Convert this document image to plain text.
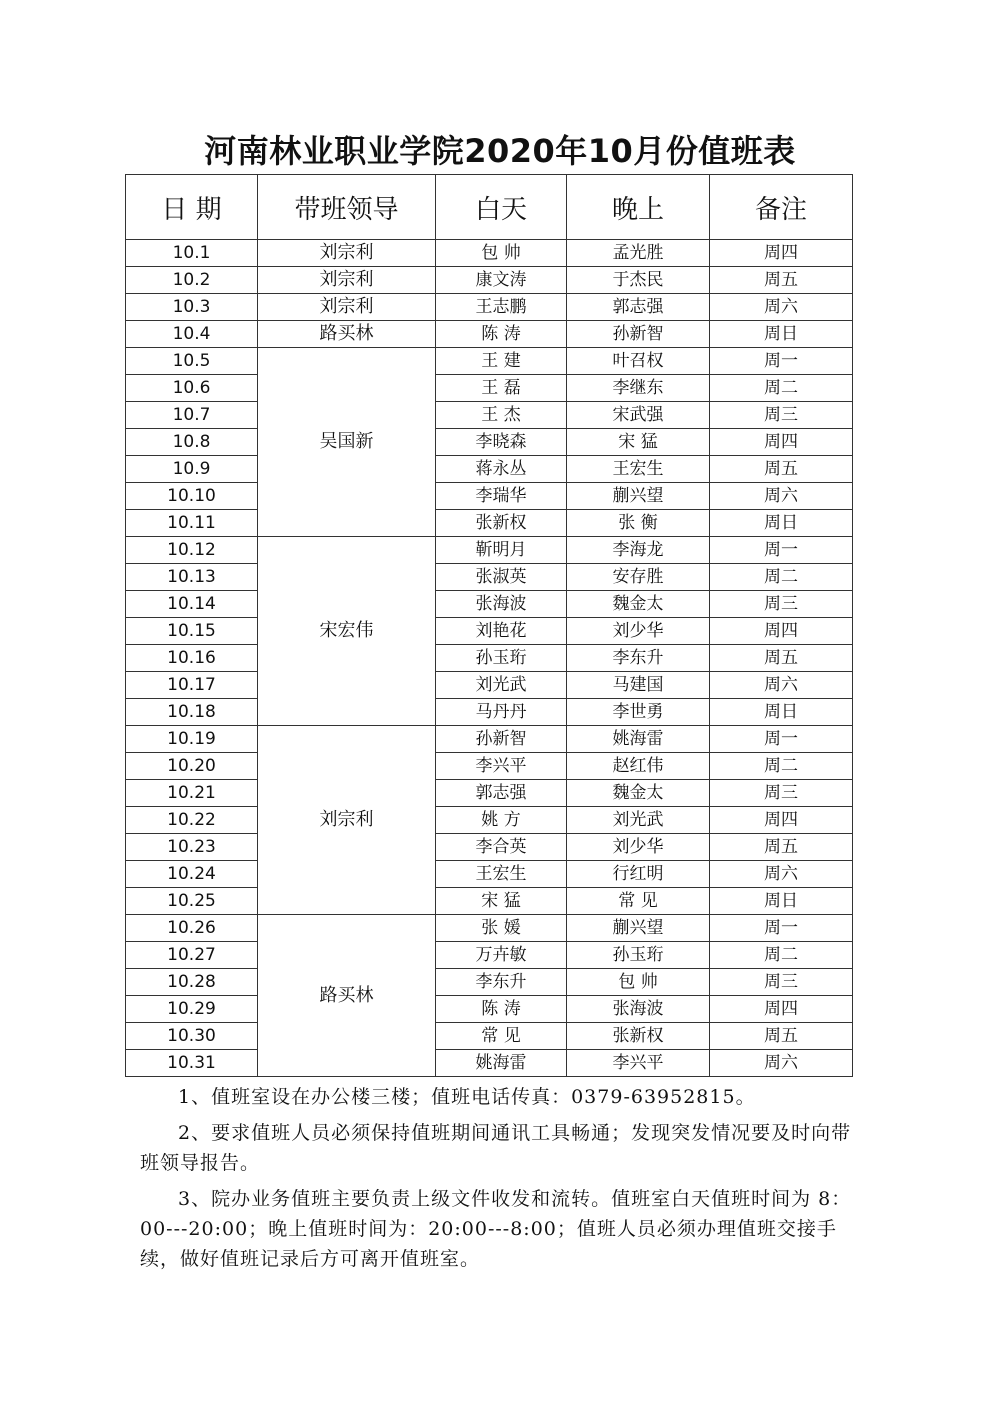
河南林业职业学院2020年10月份值班表
日 期	带班领导	白天	晚上	备注
10.1	刘宗利	包 帅	孟光胜	周四
10.2	刘宗利	康文涛	于杰民	周五
10.3	刘宗利	王志鹏	郭志强	周六
10.4	路买林	陈 涛	孙新智	周日
10.5	吴国新	王 建	叶召权	周一
10.6		王 磊	李继东	周二
10.7		王 杰	宋武强	周三
10.8		李晓森	宋 猛	周四
10.9		蒋永丛	王宏生	周五
10.10		李瑞华	蒯兴望	周六
10.11		张新权	张 衡	周日
10.12	宋宏伟	靳明月	李海龙	周一
10.13		张淑英	安存胜	周二
10.14		张海波	魏金太	周三
10.15		刘艳花	刘少华	周四
10.16		孙玉珩	李东升	周五
10.17		刘光武	马建国	周六
10.18		马丹丹	李世勇	周日
10.19	刘宗利	孙新智	姚海雷	周一
10.20		李兴平	赵红伟	周二
10.21		郭志强	魏金太	周三
10.22		姚 方	刘光武	周四
10.23		李合英	刘少华	周五
10.24		王宏生	行红明	周六
10.25		宋 猛	常 见	周日
10.26	路买林	张 媛	蒯兴望	周一
10.27		万卉敏	孙玉珩	周二
10.28		李东升	包 帅	周三
10.29		陈 涛	张海波	周四
10.30		常 见	张新权	周五
10.31		姚海雷	李兴平	周六

1、值班室设在办公楼三楼；值班电话传真：0379-63952815。

2、要求值班人员必须保持值班期间通讯工具畅通；发现突发情况要及时向带班领导报告。

3、院办业务值班主要负责上级文件收发和流转。值班室白天值班时间为 8：00---20:00；晚上值班时间为：20:00---8:00；值班人员必须办理值班交接手续，做好值班记录后方可离开值班室。
